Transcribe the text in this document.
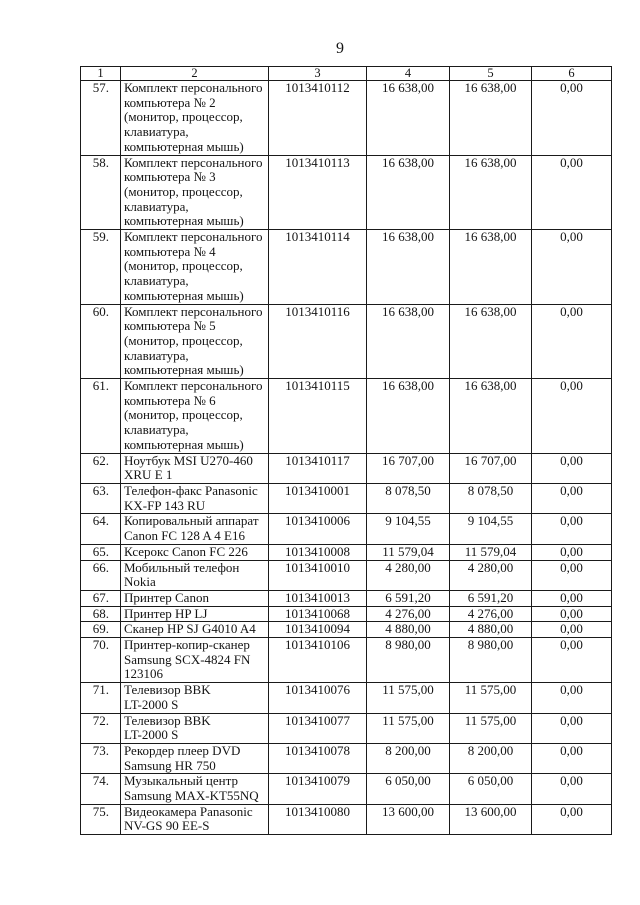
9
1	2	3	4	5	6
57.	Комплект персонального
компьютера № 2
(монитор, процессор,
клавиатура,
компьютерная мышь)	1013410112	16 638,00	16 638,00	0,00
58.	Комплект персонального
компьютера № 3
(монитор, процессор,
клавиатура,
компьютерная мышь)	1013410113	16 638,00	16 638,00	0,00
59.	Комплект персонального
компьютера № 4
(монитор, процессор,
клавиатура,
компьютерная мышь)	1013410114	16 638,00	16 638,00	0,00
60.	Комплект персонального
компьютера № 5
(монитор, процессор,
клавиатура,
компьютерная мышь)	1013410116	16 638,00	16 638,00	0,00
61.	Комплект персонального
компьютера № 6
(монитор, процессор,
клавиатура,
компьютерная мышь)	1013410115	16 638,00	16 638,00	0,00
62.	Ноутбук MSI U270-460
XRU E 1	1013410117	16 707,00	16 707,00	0,00
63.	Телефон-факс Panasonic
KX-FP 143 RU	1013410001	8 078,50	8 078,50	0,00
64.	Копировальный аппарат
Canon FC 128 A 4 E16	1013410006	9 104,55	9 104,55	0,00
65.	Ксерокс Canon FC 226	1013410008	11 579,04	11 579,04	0,00
66.	Мобильный телефон
Nokia	1013410010	4 280,00	4 280,00	0,00
67.	Принтер Canon	1013410013	6 591,20	6 591,20	0,00
68.	Принтер HP LJ	1013410068	4 276,00	4 276,00	0,00
69.	Сканер HP SJ G4010 A4	1013410094	4 880,00	4 880,00	0,00
70.	Принтер-копир-сканер
Samsung SCX-4824 FN
123106	1013410106	8 980,00	8 980,00	0,00
71.	Телевизор BBK
LT-2000 S	1013410076	11 575,00	11 575,00	0,00
72.	Телевизор BBK
LT-2000 S	1013410077	11 575,00	11 575,00	0,00
73.	Рекордер плеер DVD
Samsung HR 750	1013410078	8 200,00	8 200,00	0,00
74.	Музыкальный центр
Samsung MAX-KT55NQ	1013410079	6 050,00	6 050,00	0,00
75.	Видеокамера Panasonic
NV-GS 90 EE-S	1013410080	13 600,00	13 600,00	0,00
